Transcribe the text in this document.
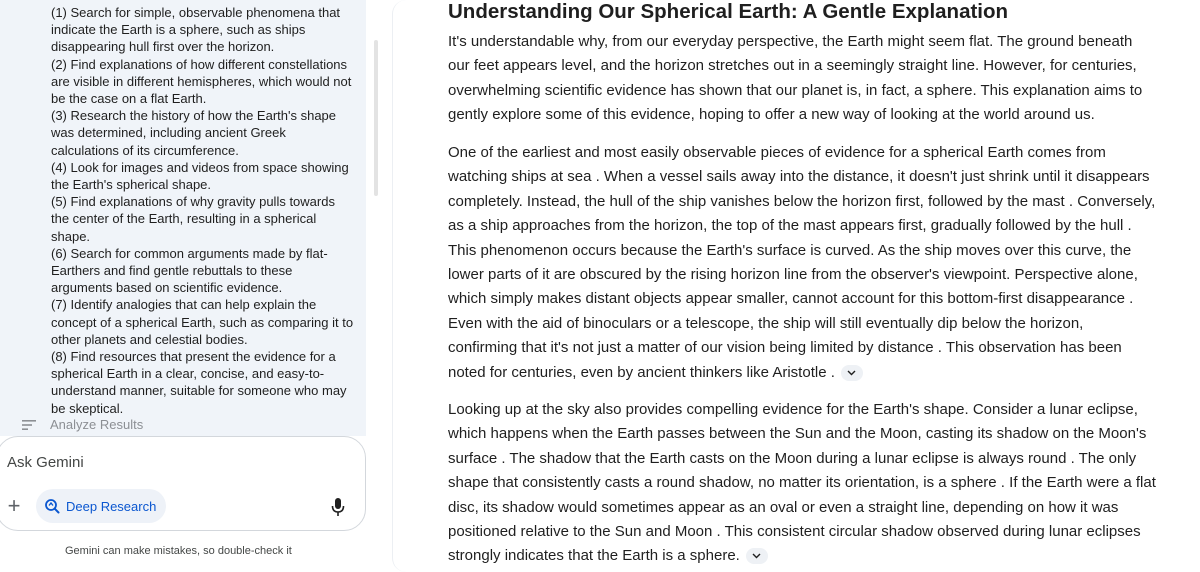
(1) Search for simple, observable phenomena that indicate the Earth is a sphere, such as ships disappearing hull first over the horizon.
(2) Find explanations of how different constellations are visible in different hemispheres, which would not be the case on a flat Earth.
(3) Research the history of how the Earth's shape was determined, including ancient Greek calculations of its circumference.
(4) Look for images and videos from space showing the Earth's spherical shape.
(5) Find explanations of why gravity pulls towards the center of the Earth, resulting in a spherical shape.
(6) Search for common arguments made by flat-Earthers and find gentle rebuttals to these arguments based on scientific evidence.
(7) Identify analogies that can help explain the concept of a spherical Earth, such as comparing it to other planets and celestial bodies.
(8) Find resources that present the evidence for a spherical Earth in a clear, concise, and easy-to-understand manner, suitable for someone who may be skeptical.
Analyze Results
Ask Gemini
+	Deep Research
Gemini can make mistakes, so double-check it
Understanding Our Spherical Earth: A Gentle Explanation

It's understandable why, from our everyday perspective, the Earth might seem flat. The ground beneath our feet appears level, and the horizon stretches out in a seemingly straight line. However, for centuries, overwhelming scientific evidence has shown that our planet is, in fact, a sphere. This explanation aims to gently explore some of this evidence, hoping to offer a new way of looking at the world around us.

One of the earliest and most easily observable pieces of evidence for a spherical Earth comes from watching ships at sea . When a vessel sails away into the distance, it doesn't just shrink until it disappears completely. Instead, the hull of the ship vanishes below the horizon first, followed by the mast . Conversely, as a ship approaches from the horizon, the top of the mast appears first, gradually followed by the hull . This phenomenon occurs because the Earth's surface is curved. As the ship moves over this curve, the lower parts of it are obscured by the rising horizon line from the observer's viewpoint. Perspective alone, which simply makes distant objects appear smaller, cannot account for this bottom-first disappearance . Even with the aid of binoculars or a telescope, the ship will still eventually dip below the horizon, confirming that it's not just a matter of our vision being limited by distance . This observation has been noted for centuries, even by ancient thinkers like Aristotle .

Looking up at the sky also provides compelling evidence for the Earth's shape. Consider a lunar eclipse, which happens when the Earth passes between the Sun and the Moon, casting its shadow on the Moon's surface . The shadow that the Earth casts on the Moon during a lunar eclipse is always round . The only shape that consistently casts a round shadow, no matter its orientation, is a sphere . If the Earth were a flat disc, its shadow would sometimes appear as an oval or even a straight line, depending on how it was positioned relative to the Sun and Moon . This consistent circular shadow observed during lunar eclipses strongly indicates that the Earth is a sphere.
